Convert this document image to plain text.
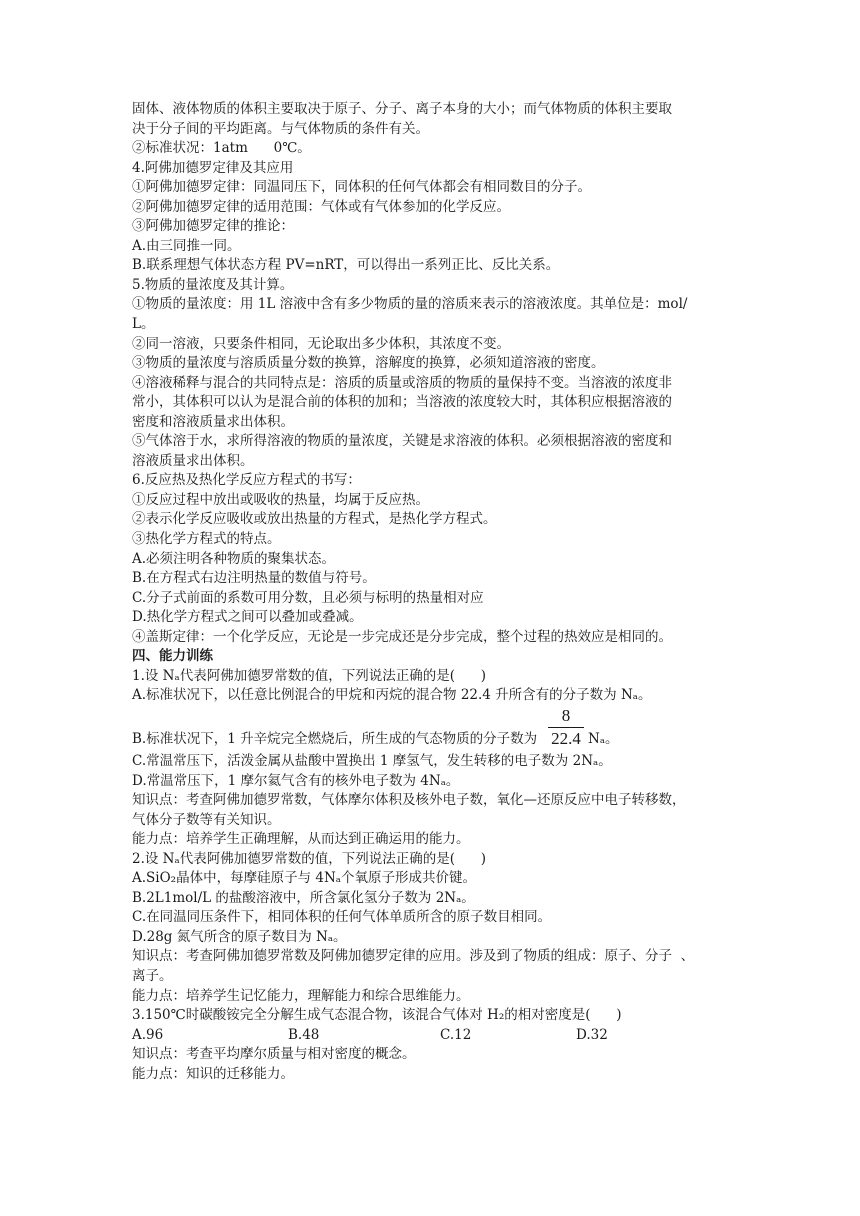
固体、液体物质的体积主要取决于原子、分子、离子本身的大小；而气体物质的体积主要取
决于分子间的平均距离。与气体物质的条件有关。
②标准状况：1atm      0℃。
4.阿佛加德罗定律及其应用
①阿佛加德罗定律：同温同压下，同体积的任何气体都会有相同数目的分子。
②阿佛加德罗定律的适用范围：气体或有气体参加的化学反应。
③阿佛加德罗定律的推论：
A.由三同推一同。
B.联系理想气体状态方程 PV=nRT，可以得出一系列正比、反比关系。
5.物质的量浓度及其计算。
①物质的量浓度：用 1L 溶液中含有多少物质的量的溶质来表示的溶液浓度。其单位是：mol/
L。
②同一溶液，只要条件相同，无论取出多少体积，其浓度不变。
③物质的量浓度与溶质质量分数的换算，溶解度的换算，必须知道溶液的密度。
④溶液稀释与混合的共同特点是：溶质的质量或溶质的物质的量保持不变。当溶液的浓度非
常小，其体积可以认为是混合前的体积的加和；当溶液的浓度较大时，其体积应根据溶液的
密度和溶液质量求出体积。
⑤气体溶于水，求所得溶液的物质的量浓度，关键是求溶液的体积。必须根据溶液的密度和
溶液质量求出体积。
6.反应热及热化学反应方程式的书写：
①反应过程中放出或吸收的热量，均属于反应热。
②表示化学反应吸收或放出热量的方程式，是热化学方程式。
③热化学方程式的特点。
A.必须注明各种物质的聚集状态。
B.在方程式右边注明热量的数值与符号。
C.分子式前面的系数可用分数，且必须与标明的热量相对应
D.热化学方程式之间可以叠加或叠减。
④盖斯定律：一个化学反应，无论是一步完成还是分步完成，整个过程的热效应是相同的。
四、能力训练
1.设 Nₐ代表阿佛加德罗常数的值，下列说法正确的是(      )
A.标准状况下，以任意比例混合的甲烷和丙烷的混合物 22.4 升所含有的分子数为 Nₐ。
B.标准状况下，1 升辛烷完全燃烧后，所生成的气态物质的分子数为 $\frac{8}{22.4}$ Nₐ。
C.常温常压下，活泼金属从盐酸中置换出 1 摩氢气，发生转移的电子数为 2Nₐ。
D.常温常压下，1 摩尔氦气含有的核外电子数为 4Nₐ。
知识点：考查阿佛加德罗常数，气体摩尔体积及核外电子数，氧化—还原反应中电子转移数，
气体分子数等有关知识。
能力点：培养学生正确理解，从而达到正确运用的能力。
2.设 Nₐ代表阿佛加德罗常数的值，下列说法正确的是(      )
A.SiO₂晶体中，每摩硅原子与 4Nₐ个氧原子形成共价键。
B.2L1mol/L 的盐酸溶液中，所含氯化氢分子数为 2Nₐ。
C.在同温同压条件下，相同体积的任何气体单质所含的原子数目相同。
D.28g 氮气所含的原子数目为 Nₐ。
知识点：考查阿佛加德罗常数及阿佛加德罗定律的应用。涉及到了物质的组成：原子、分子  、
离子。
能力点：培养学生记忆能力，理解能力和综合思维能力。
3.150℃时碳酸铵完全分解生成气态混合物，该混合气体对 H₂的相对密度是(      )
A.96	B.48	C.12	D.32
知识点：考查平均摩尔质量与相对密度的概念。
能力点：知识的迁移能力。
